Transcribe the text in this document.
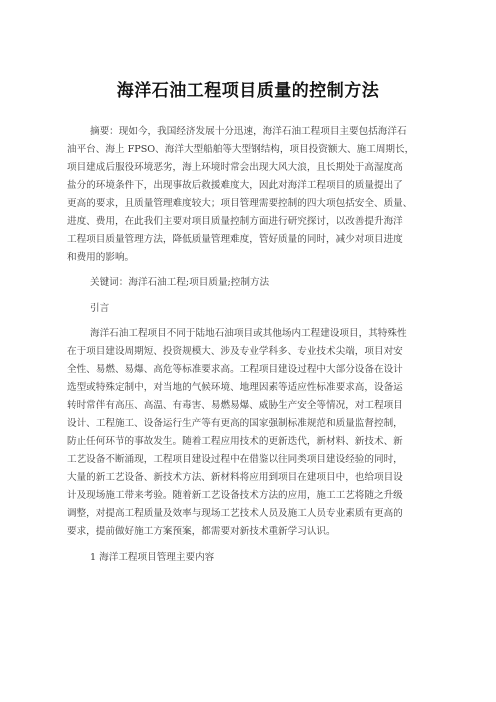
海洋石油工程项目质量的控制方法
摘要：现如今，我国经济发展十分迅速，海洋石油工程项目主要包括海洋石
油平台、海上 FPSO、海洋大型船舶等大型钢结构，项目投资额大、施工周期长，
项目建成后服役环境恶劣，海上环境时常会出现大风大浪，且长期处于高湿度高
盐分的环境条件下，出现事故后救援难度大，因此对海洋工程项目的质量提出了
更高的要求，且质量管理难度较大；项目管理需要控制的四大项包括安全、质量、
进度、费用，在此我们主要对项目质量控制方面进行研究探讨，以改善提升海洋
工程项目质量管理方法，降低质量管理难度，管好质量的同时，减少对项目进度
和费用的影响。
关键词：海洋石油工程;项目质量;控制方法
引言
海洋石油工程项目不同于陆地石油项目或其他场内工程建设项目，其特殊性
在于项目建设周期短、投资规模大、涉及专业学科多、专业技术尖端，项目对安
全性、易燃、易爆、高危等标准要求高。工程项目建设过程中大部分设备在设计
选型或特殊定制中，对当地的气候环境、地理因素等适应性标准要求高，设备运
转时常伴有高压、高温、有毒害、易燃易爆、威胁生产安全等情况，对工程项目
设计、工程施工、设备运行生产等有更高的国家强制标准规范和质量监督控制，
防止任何环节的事故发生。随着工程应用技术的更新迭代，新材料、新技术、新
工艺设备不断涌现，工程项目建设过程中在借鉴以往同类项目建设经验的同时，
大量的新工艺设备、新技术方法、新材料将应用到项目在建项目中，也给项目设
计及现场施工带来考验。随着新工艺设备技术方法的应用，施工工艺将随之升级
调整，对提高工程质量及效率与现场工艺技术人员及施工人员专业素质有更高的
要求，提前做好施工方案预案，都需要对新技术重新学习认识。
1 海洋工程项目管理主要内容
